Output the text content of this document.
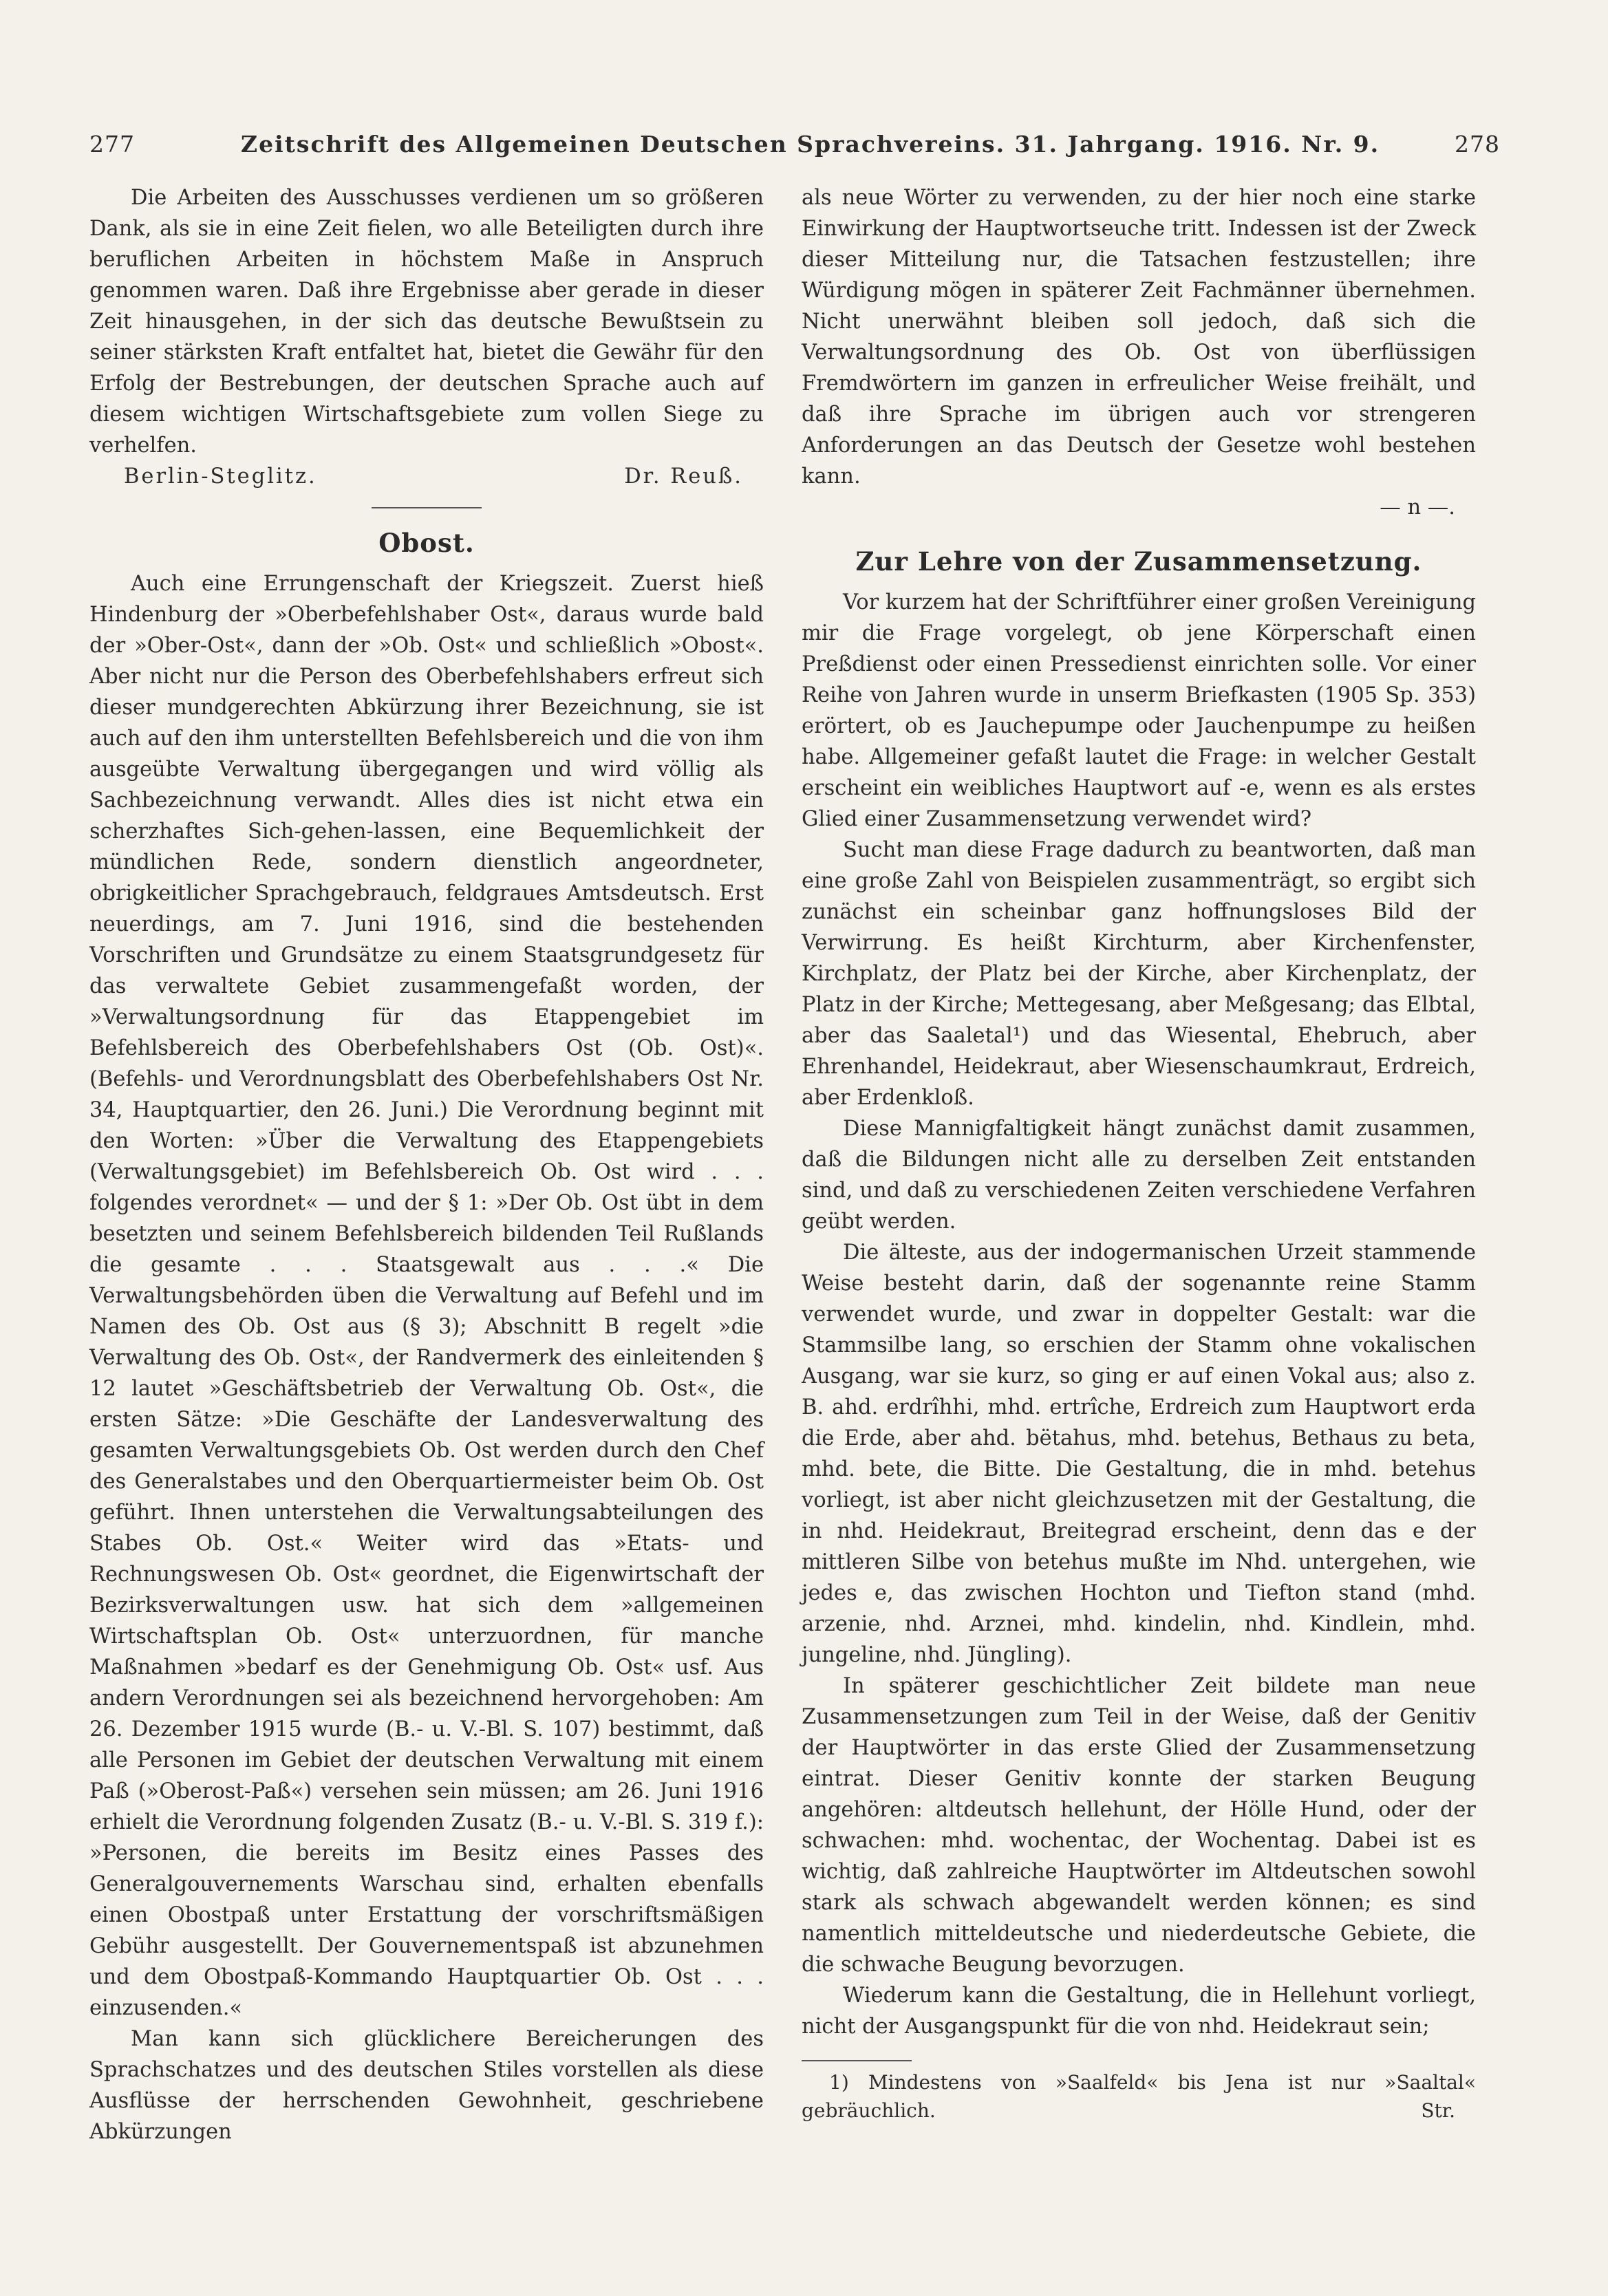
277	Zeitschrift des Allgemeinen Deutschen Sprachvereins. 31. Jahrgang. 1916. Nr. 9.	278

Die Arbeiten des Ausschusses verdienen um so größeren Dank, als sie in eine Zeit fielen, wo alle Beteiligten durch ihre beruflichen Arbeiten in höchstem Maße in Anspruch genommen waren. Daß ihre Ergebnisse aber gerade in dieser Zeit hinausgehen, in der sich das deutsche Bewußtsein zu seiner stärksten Kraft entfaltet hat, bietet die Gewähr für den Erfolg der Bestrebungen, der deutschen Sprache auch auf diesem wichtigen Wirtschaftsgebiete zum vollen Siege zu verhelfen.

Berlin-Steglitz.	Dr. Reuß.
Obost.

Auch eine Errungenschaft der Kriegszeit. Zuerst hieß Hindenburg der »Oberbefehlshaber Ost«, daraus wurde bald der »Ober-Ost«, dann der »Ob. Ost« und schließlich »Obost«. Aber nicht nur die Person des Oberbefehlshabers erfreut sich dieser mundgerechten Abkürzung ihrer Bezeichnung, sie ist auch auf den ihm unterstellten Befehlsbereich und die von ihm ausgeübte Verwaltung übergegangen und wird völlig als Sachbezeichnung verwandt. Alles dies ist nicht etwa ein scherzhaftes Sich-gehen-lassen, eine Bequemlichkeit der mündlichen Rede, sondern dienstlich angeordneter, obrigkeitlicher Sprachgebrauch, feldgraues Amtsdeutsch. Erst neuerdings, am 7. Juni 1916, sind die bestehenden Vorschriften und Grundsätze zu einem Staatsgrundgesetz für das verwaltete Gebiet zusammengefaßt worden, der »Verwaltungsordnung für das Etappengebiet im Befehlsbereich des Oberbefehlshabers Ost (Ob. Ost)«. (Befehls- und Verordnungsblatt des Oberbefehlshabers Ost Nr. 34, Hauptquartier, den 26. Juni.) Die Verordnung beginnt mit den Worten: »Über die Verwaltung des Etappengebiets (Verwaltungsgebiet) im Befehlsbereich Ob. Ost wird . . . folgendes verordnet« — und der § 1: »Der Ob. Ost übt in dem besetzten und seinem Befehlsbereich bildenden Teil Rußlands die gesamte . . . Staatsgewalt aus . . .« Die Verwaltungsbehörden üben die Verwaltung auf Befehl und im Namen des Ob. Ost aus (§ 3); Abschnitt B regelt »die Verwaltung des Ob. Ost«, der Randvermerk des einleitenden § 12 lautet »Geschäftsbetrieb der Verwaltung Ob. Ost«, die ersten Sätze: »Die Geschäfte der Landesverwaltung des gesamten Verwaltungsgebiets Ob. Ost werden durch den Chef des Generalstabes und den Oberquartiermeister beim Ob. Ost geführt. Ihnen unterstehen die Verwaltungsabteilungen des Stabes Ob. Ost.« Weiter wird das »Etats- und Rechnungswesen Ob. Ost« geordnet, die Eigenwirtschaft der Bezirksverwaltungen usw. hat sich dem »allgemeinen Wirtschaftsplan Ob. Ost« unterzuordnen, für manche Maßnahmen »bedarf es der Genehmigung Ob. Ost« usf. Aus andern Verordnungen sei als bezeichnend hervorgehoben: Am 26. Dezember 1915 wurde (B.- u. V.-Bl. S. 107) bestimmt, daß alle Personen im Gebiet der deutschen Verwaltung mit einem Paß (»Oberost-Paß«) versehen sein müssen; am 26. Juni 1916 erhielt die Verordnung folgenden Zusatz (B.- u. V.-Bl. S. 319 f.): »Personen, die bereits im Besitz eines Passes des Generalgouvernements Warschau sind, erhalten ebenfalls einen Obostpaß unter Erstattung der vorschriftsmäßigen Gebühr ausgestellt. Der Gouvernementspaß ist abzunehmen und dem Obostpaß-Kommando Hauptquartier Ob. Ost . . . einzusenden.«

Man kann sich glücklichere Bereicherungen des Sprachschatzes und des deutschen Stiles vorstellen als diese Ausflüsse der herrschenden Gewohnheit, geschriebene Abkürzungen

als neue Wörter zu verwenden, zu der hier noch eine starke Einwirkung der Hauptwortseuche tritt. Indessen ist der Zweck dieser Mitteilung nur, die Tatsachen festzustellen; ihre Würdigung mögen in späterer Zeit Fachmänner übernehmen. Nicht unerwähnt bleiben soll jedoch, daß sich die Verwaltungsordnung des Ob. Ost von überflüssigen Fremdwörtern im ganzen in erfreulicher Weise freihält, und daß ihre Sprache im übrigen auch vor strengeren Anforderungen an das Deutsch der Gesetze wohl bestehen kann.

— n —.
Zur Lehre von der Zusammensetzung.

Vor kurzem hat der Schriftführer einer großen Vereinigung mir die Frage vorgelegt, ob jene Körperschaft einen Preßdienst oder einen Pressedienst einrichten solle. Vor einer Reihe von Jahren wurde in unserm Briefkasten (1905 Sp. 353) erörtert, ob es Jauchepumpe oder Jauchenpumpe zu heißen habe. Allgemeiner gefaßt lautet die Frage: in welcher Gestalt erscheint ein weibliches Hauptwort auf -e, wenn es als erstes Glied einer Zusammensetzung verwendet wird?

Sucht man diese Frage dadurch zu beantworten, daß man eine große Zahl von Beispielen zusammenträgt, so ergibt sich zunächst ein scheinbar ganz hoffnungsloses Bild der Verwirrung. Es heißt Kirchturm, aber Kirchenfenster, Kirchplatz, der Platz bei der Kirche, aber Kirchenplatz, der Platz in der Kirche; Mettegesang, aber Meßgesang; das Elbtal, aber das Saaletal¹) und das Wiesental, Ehebruch, aber Ehrenhandel, Heidekraut, aber Wiesenschaumkraut, Erdreich, aber Erdenkloß.

Diese Mannigfaltigkeit hängt zunächst damit zusammen, daß die Bildungen nicht alle zu derselben Zeit entstanden sind, und daß zu verschiedenen Zeiten verschiedene Verfahren geübt werden.

Die älteste, aus der indogermanischen Urzeit stammende Weise besteht darin, daß der sogenannte reine Stamm verwendet wurde, und zwar in doppelter Gestalt: war die Stammsilbe lang, so erschien der Stamm ohne vokalischen Ausgang, war sie kurz, so ging er auf einen Vokal aus; also z. B. ahd. erdrîhhi, mhd. ertrîche, Erdreich zum Hauptwort erda die Erde, aber ahd. bëtahus, mhd. betehus, Bethaus zu beta, mhd. bete, die Bitte. Die Gestaltung, die in mhd. betehus vorliegt, ist aber nicht gleichzusetzen mit der Gestaltung, die in nhd. Heidekraut, Breitegrad erscheint, denn das e der mittleren Silbe von betehus mußte im Nhd. untergehen, wie jedes e, das zwischen Hochton und Tiefton stand (mhd. arzenie, nhd. Arznei, mhd. kindelin, nhd. Kindlein, mhd. jungeline, nhd. Jüngling).

In späterer geschichtlicher Zeit bildete man neue Zusammensetzungen zum Teil in der Weise, daß der Genitiv der Hauptwörter in das erste Glied der Zusammensetzung eintrat. Dieser Genitiv konnte der starken Beugung angehören: altdeutsch hellehunt, der Hölle Hund, oder der schwachen: mhd. wochentac, der Wochentag. Dabei ist es wichtig, daß zahlreiche Hauptwörter im Altdeutschen sowohl stark als schwach abgewandelt werden können; es sind namentlich mitteldeutsche und niederdeutsche Gebiete, die die schwache Beugung bevorzugen.

Wiederum kann die Gestaltung, die in Hellehunt vorliegt, nicht der Ausgangspunkt für die von nhd. Heidekraut sein;

1) Mindestens von »Saalfeld« bis Jena ist nur »Saaltal« gebräuchlich.	Str.
